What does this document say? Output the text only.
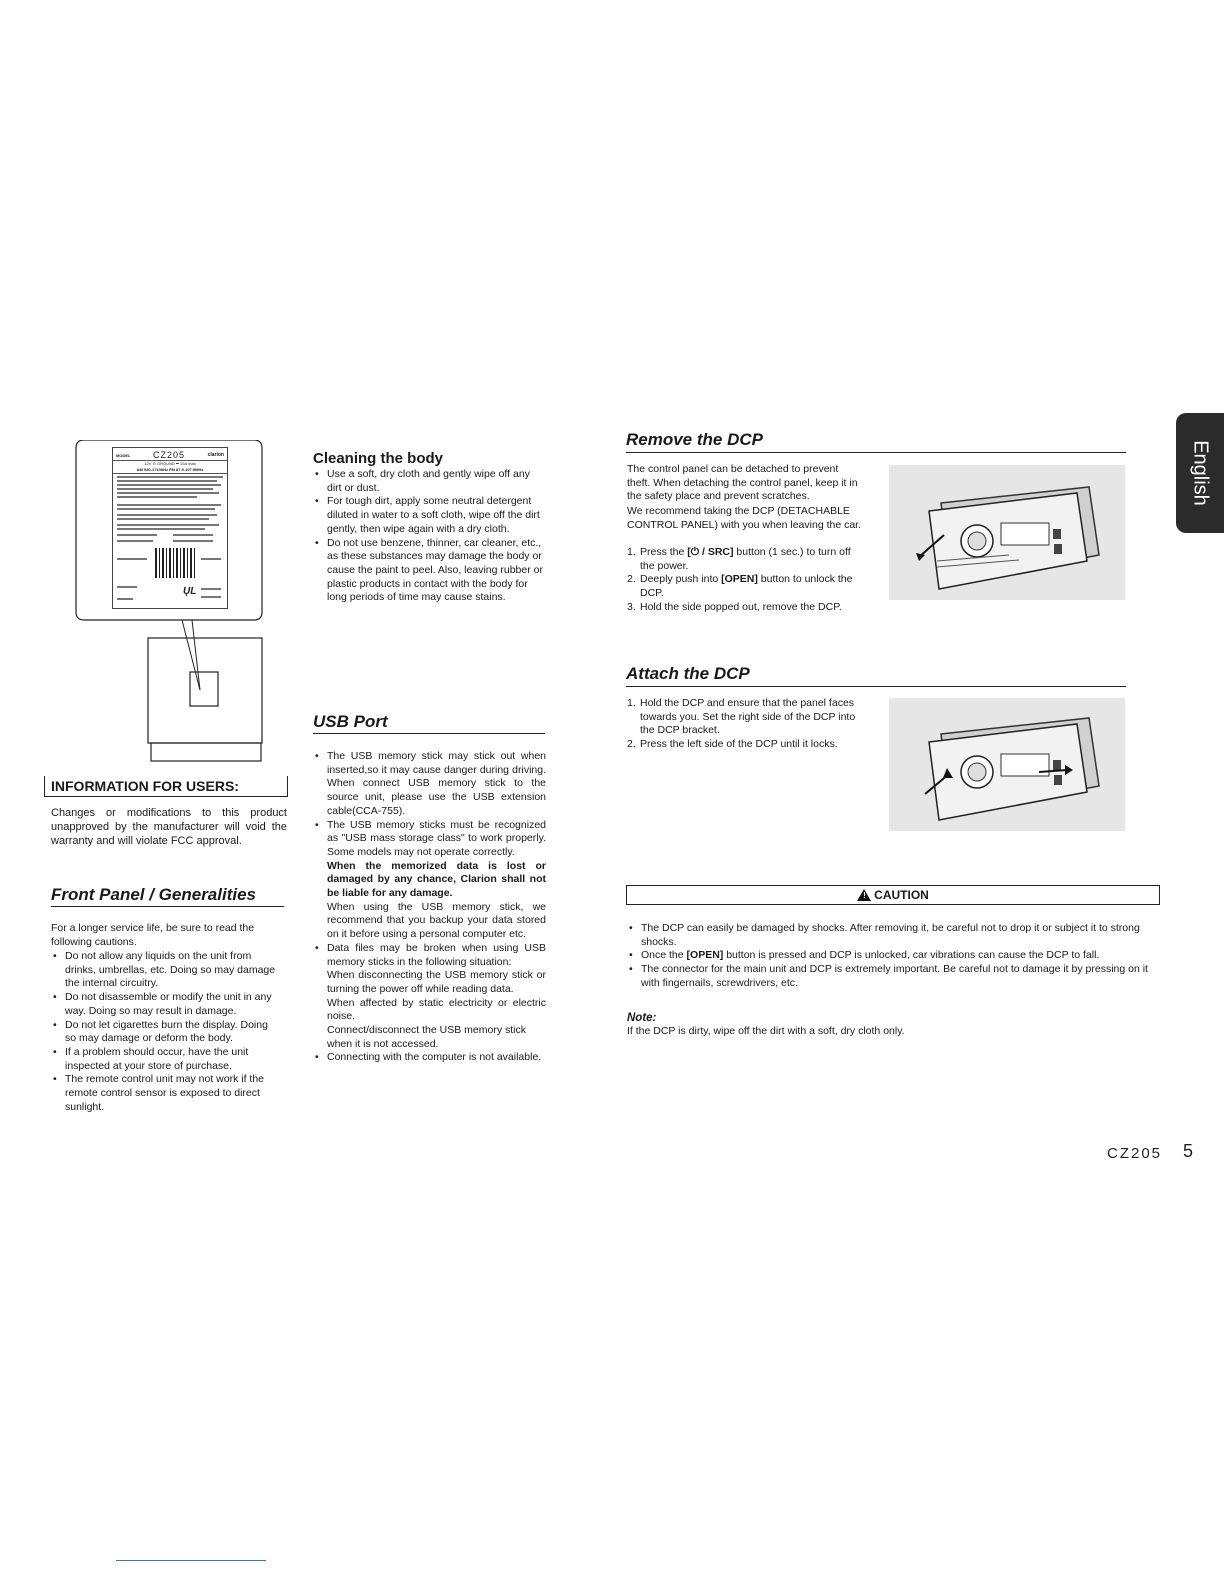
MODEL	CZ205	clarion
12V ⊖ GROUND ⎓ 15A max
AM 530-1710kHz FM 87.9-107.9MHz
ŲL
INFORMATION FOR USERS:

Changes or modifications to this product unapproved by the manufacturer will void the warranty and will violate FCC approval.

Front Panel / Generalities

For a longer service life, be sure to read the following cautions.

• Do not allow any liquids on the unit from drinks, umbrellas, etc. Doing so may damage the internal circuitry.
• Do not disassemble or modify the unit in any way. Doing so may result in damage.
• Do not let cigarettes burn the display. Doing so may damage or deform the body.
• If a problem should occur, have the unit inspected at your store of purchase.
• The remote control unit may not work if the remote control sensor is exposed to direct sunlight.
Cleaning the body
• Use a soft, dry cloth and gently wipe off any dirt or dust.
• For tough dirt, apply some neutral detergent diluted in water to a soft cloth, wipe off the dirt gently, then wipe again with a dry cloth.
• Do not use benzene, thinner, car cleaner, etc., as these substances may damage the body or cause the paint to peel. Also, leaving rubber or plastic products in contact with the body for long periods of time may cause stains.
USB Port
• The USB memory stick may stick out when inserted,so it may cause danger during driving. When connect USB memory stick to the source unit, please use the USB extension cable(CCA-755).
• The USB memory sticks must be recognized as "USB mass storage class" to work properly. Some models may not operate correctly.
When the memorized data is lost or damaged by any chance, Clarion shall not be liable for any damage.
When using the USB memory stick, we recommend that you backup your data stored on it before using a personal computer etc.
• Data files may be broken when using USB memory sticks in the following situation:
When disconnecting the USB memory stick or turning the power off while reading data.
When affected by static electricity or electric noise.
Connect/disconnect the USB memory stick when it is not accessed.
• Connecting with the computer is not available.
Remove the DCP

The control panel can be detached to prevent theft. When detaching the control panel, keep it in the safety place and prevent scratches.

We recommend taking the DCP (DETACHABLE CONTROL PANEL) with you when leaving the car.

1. Press the [⏻ / SRC] button (1 sec.) to turn off the power.
2. Deeply push into [OPEN] button to unlock the DCP.
3. Hold the side popped out, remove the DCP.
Attach the DCP
1. Hold the DCP and ensure that the panel faces towards you. Set the right side of the DCP into the DCP bracket.
2. Press the left side of the DCP until it locks.
! CAUTION
• The DCP can easily be damaged by shocks. After removing it, be careful not to drop it or subject it to strong shocks.
• Once the [OPEN] button is pressed and DCP is unlocked, car vibrations can cause the DCP to fall.
• The connector for the main unit and DCP is extremely important. Be careful not to damage it by pressing on it with fingernails, screwdrivers, etc.
Note:

If the DCP is dirty, wipe off the dirt with a soft, dry cloth only.

English
CZ205 5
